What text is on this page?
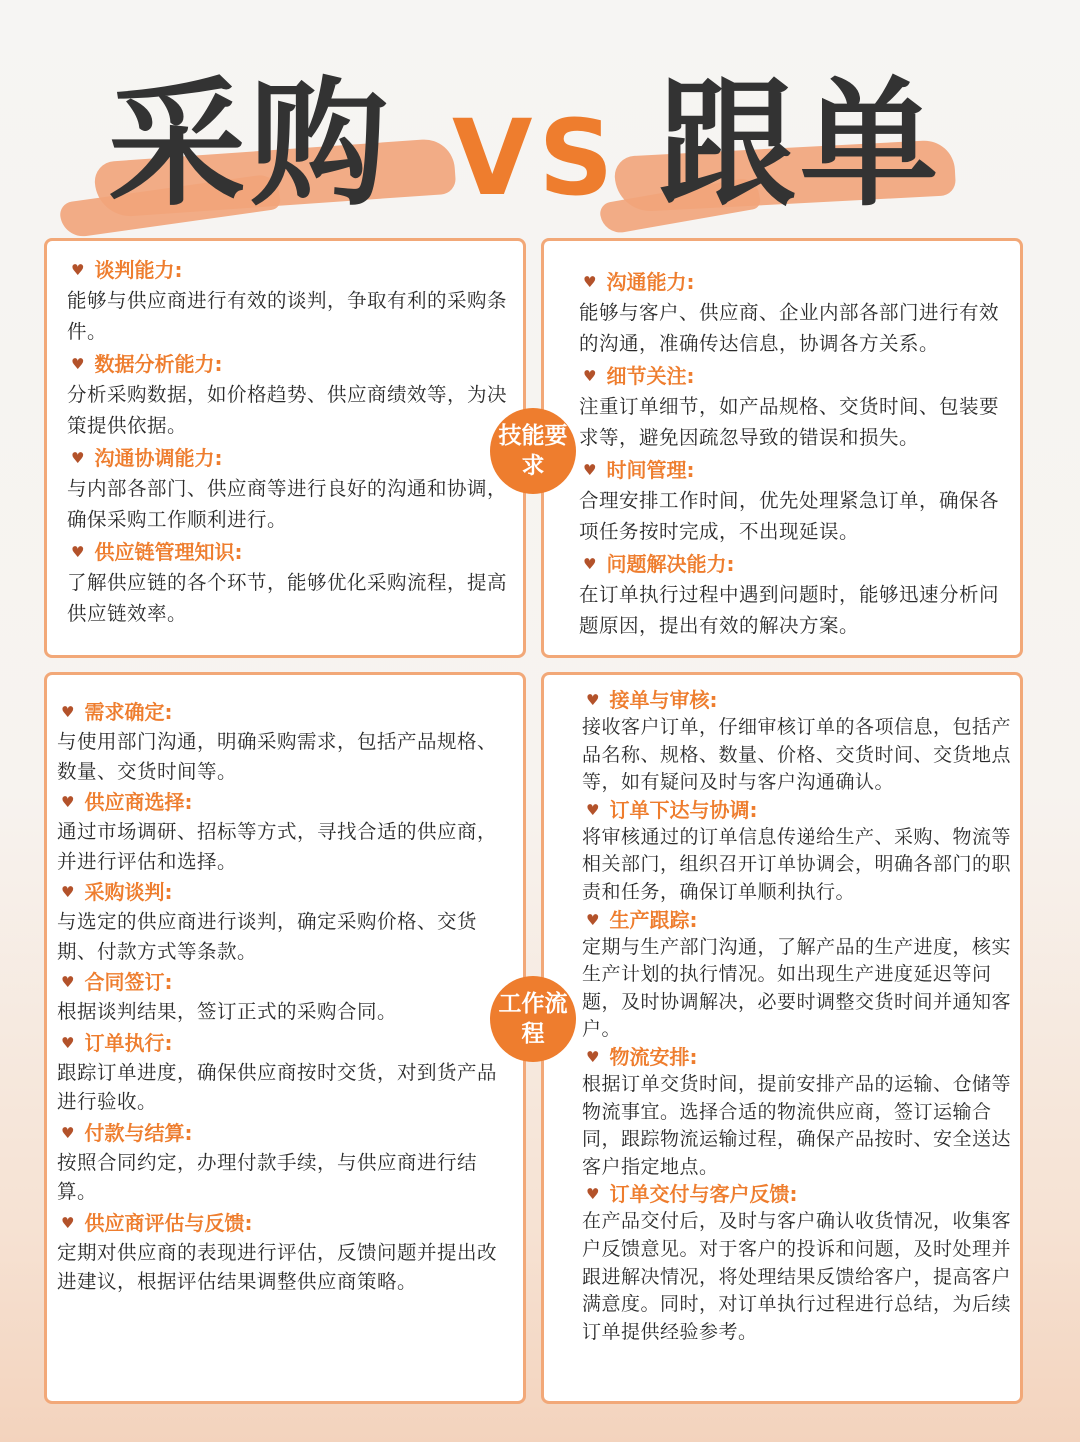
采购 VS 跟单
♥ 谈判能力:
能够与供应商进行有效的谈判，争取有利的采购条件。
♥ 数据分析能力:
分析采购数据，如价格趋势、供应商绩效等，为决策提供依据。
♥ 沟通协调能力:
与内部各部门、供应商等进行良好的沟通和协调，确保采购工作顺利进行。
♥ 供应链管理知识:
了解供应链的各个环节，能够优化采购流程，提高供应链效率。
♥ 沟通能力:
能够与客户、供应商、企业内部各部门进行有效的沟通，准确传达信息，协调各方关系。
♥ 细节关注:
注重订单细节，如产品规格、交货时间、包装要求等，避免因疏忽导致的错误和损失。
♥ 时间管理:
合理安排工作时间，优先处理紧急订单，确保各项任务按时完成，不出现延误。
♥ 问题解决能力:
在订单执行过程中遇到问题时，能够迅速分析问题原因，提出有效的解决方案。
♥ 需求确定:
与使用部门沟通，明确采购需求，包括产品规格、数量、交货时间等。
♥ 供应商选择:
通过市场调研、招标等方式，寻找合适的供应商，并进行评估和选择。
♥ 采购谈判:
与选定的供应商进行谈判，确定采购价格、交货期、付款方式等条款。
♥ 合同签订:
根据谈判结果，签订正式的采购合同。
♥ 订单执行:
跟踪订单进度，确保供应商按时交货，对到货产品进行验收。
♥ 付款与结算:
按照合同约定，办理付款手续，与供应商进行结算。
♥ 供应商评估与反馈:
定期对供应商的表现进行评估，反馈问题并提出改进建议，根据评估结果调整供应商策略。
♥ 接单与审核:
接收客户订单，仔细审核订单的各项信息，包括产品名称、规格、数量、价格、交货时间、交货地点等，如有疑问及时与客户沟通确认。
♥ 订单下达与协调:
将审核通过的订单信息传递给生产、采购、物流等相关部门，组织召开订单协调会，明确各部门的职责和任务，确保订单顺利执行。
♥ 生产跟踪:
定期与生产部门沟通，了解产品的生产进度，核实生产计划的执行情况。如出现生产进度延迟等问题，及时协调解决，必要时调整交货时间并通知客户。
♥ 物流安排:
根据订单交货时间，提前安排产品的运输、仓储等物流事宜。选择合适的物流供应商，签订运输合同，跟踪物流运输过程，确保产品按时、安全送达客户指定地点。
♥ 订单交付与客户反馈:
在产品交付后，及时与客户确认收货情况，收集客户反馈意见。对于客户的投诉和问题，及时处理并跟进解决情况，将处理结果反馈给客户，提高客户满意度。同时，对订单执行过程进行总结，为后续订单提供经验参考。
技能要求
工作流程
